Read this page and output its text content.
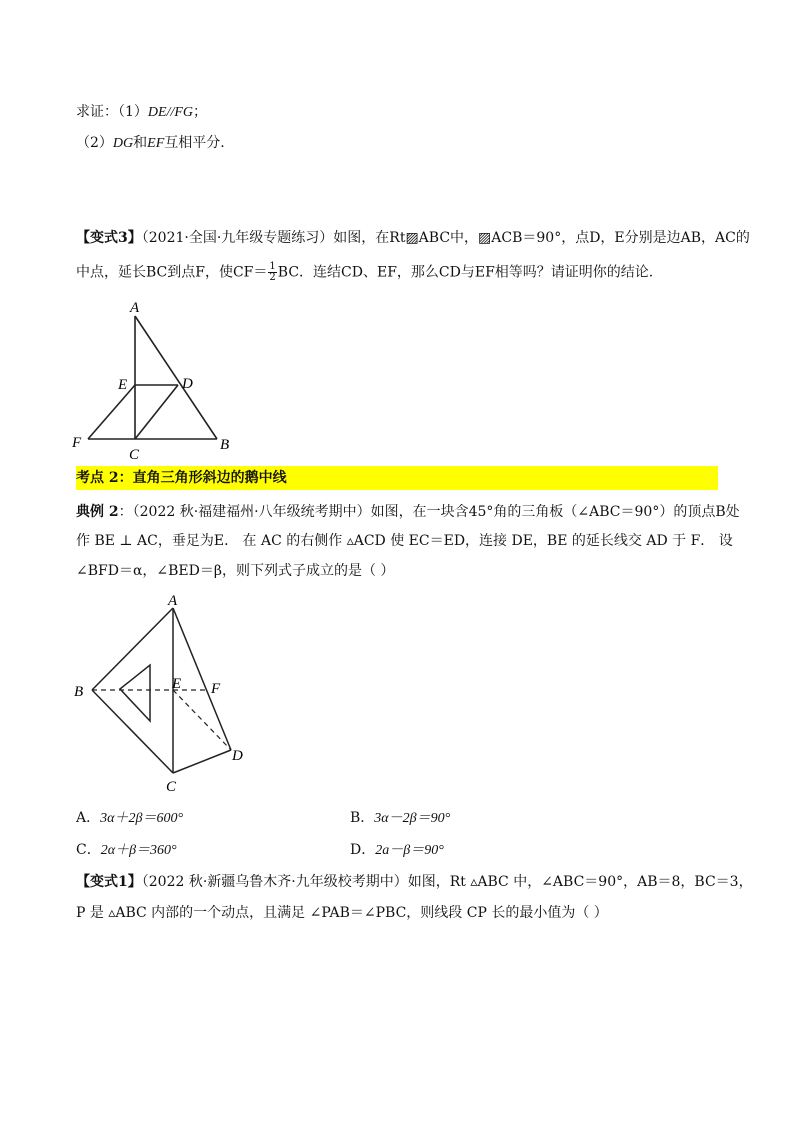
求证：（1）DE//FG；
（2）DG和EF互相平分.
【变式3】（2021·全国·九年级专题练习）如图，在Rt▨ABC中，▨ACB＝90°，点D，E分别是边AB，AC的
中点，延长BC到点F，使$CF= \frac{1}{2}$ BC．连结CD、EF，那么CD与EF相等吗？请证明你的结论.
A
E	D
F
C
B
考点 2：直角三角形斜边的鹅中线
典例 2：（2022 秋·福建福州·八年级统考期中）如图，在一块含45°角的三角板（∠ABC＝90°）的顶点B处
作 BE ⊥ AC，垂足为E． 在 AC 的右侧作 ▵ACD 使 EC＝ED，连接 DE，BE 的延长线交 AD 于 F． 设
∠BFD＝α，∠BED＝β，则下列式子成立的是（ ）
A
B	E F
D
C
A．3α＋2β＝600°	B．3α－2β＝90°
C．2α＋β＝360°	D．2a－β＝90°
【变式1】（2022 秋·新疆乌鲁木齐·九年级校考期中）如图，Rt ▵ABC 中，∠ABC＝90°，AB＝8，BC＝3，
P 是 ▵ABC 内部的一个动点，且满足 ∠PAB＝∠PBC，则线段 CP 长的最小值为（ ）
